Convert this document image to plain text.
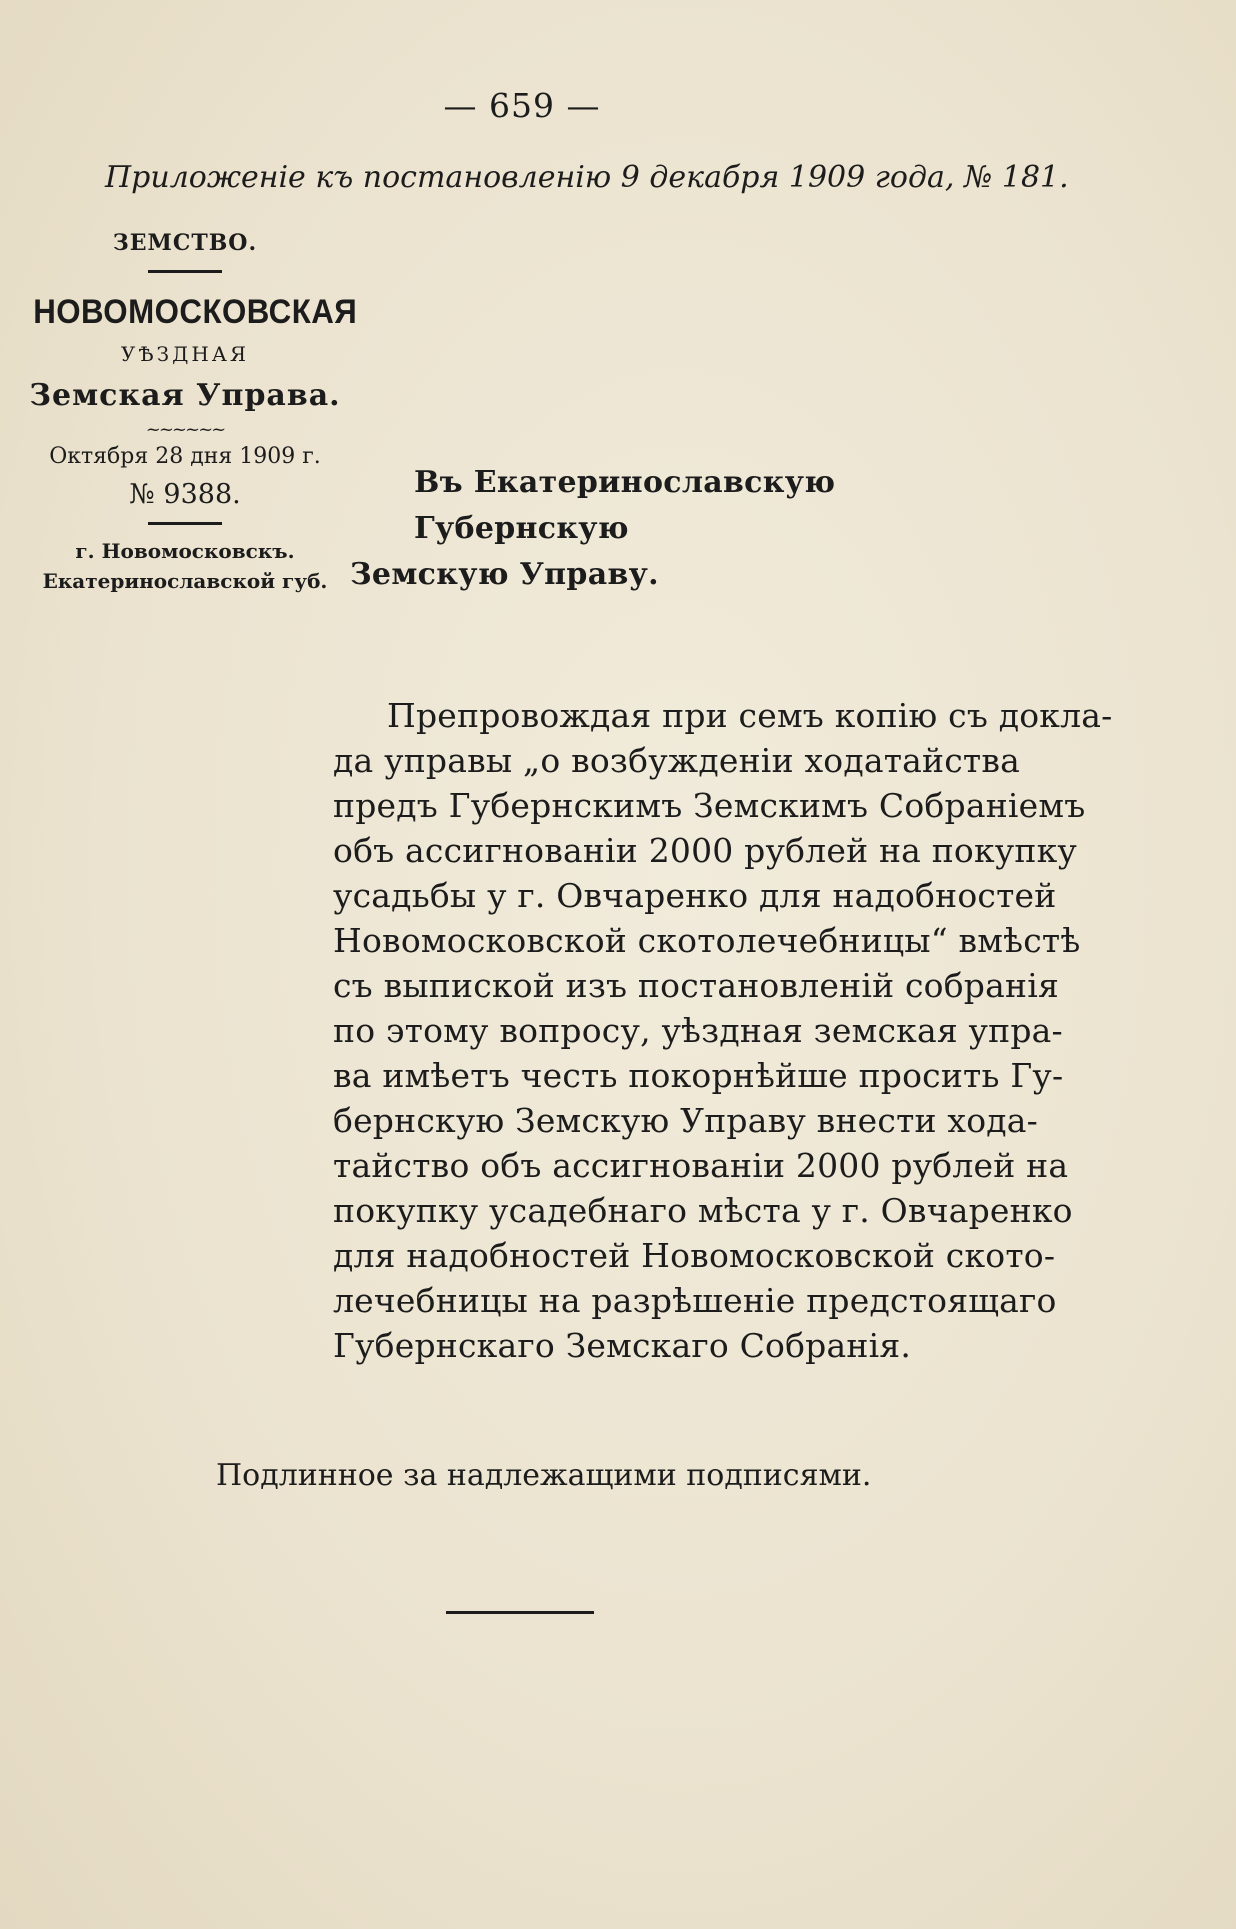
— 659 —
Приложеніе къ постановленію 9 декабря 1909 года, № 181.
ЗЕМСТВО.
НОВОМОСКОВСКАЯ
УѢЗДНАЯ
Земская Управа.
~~~~~~
Октября 28 дня 1909 г.
№ 9388.
г. Новомосковскъ.
Екатеринославской губ.
Въ Екатеринославскую Губернскую
Земскую Управу.
Препровождая при семъ копію съ докла-
да управы „о возбужденіи ходатайства
предъ Губернскимъ Земскимъ Собраніемъ
объ ассигнованіи 2000 рублей на покупку
усадьбы у г. Овчаренко для надобностей
Новомосковской скотолечебницы“ вмѣстѣ
съ выпиской изъ постановленій собранія
по этому вопросу, уѣздная земская упра-
ва имѣетъ честь покорнѣйше просить Гу-
бернскую Земскую Управу внести хода-
тайство объ ассигнованіи 2000 рублей на
покупку усадебнаго мѣста у г. Овчаренко
для надобностей Новомосковской ското-
лечебницы на разрѣшеніе предстоящаго
Губернскаго Земскаго Собранія.
Подлинное за надлежащими подписями.
